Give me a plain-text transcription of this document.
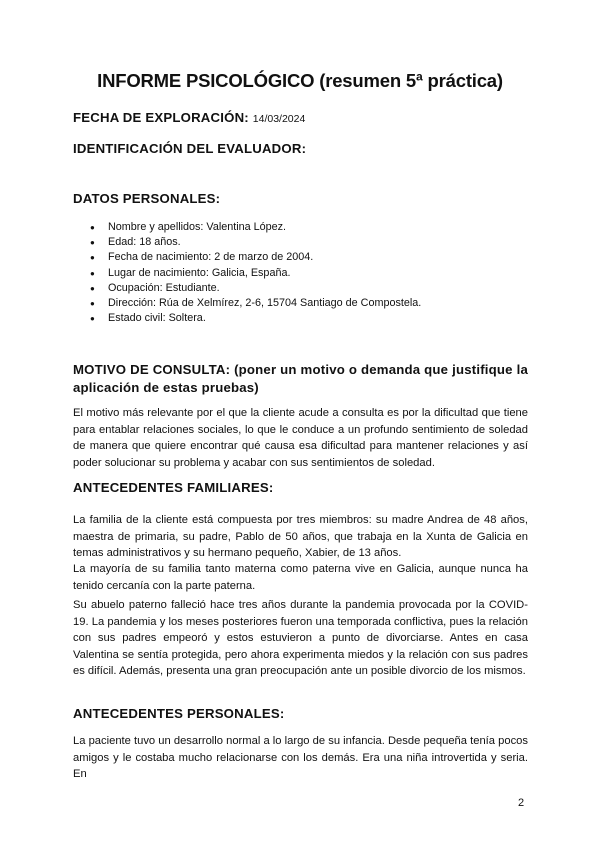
INFORME PSICOLÓGICO (resumen 5ª práctica)
FECHA DE EXPLORACIÓN: 14/03/2024
IDENTIFICACIÓN DEL EVALUADOR:
DATOS PERSONALES:
● Nombre y apellidos: Valentina López.
● Edad: 18 años.
● Fecha de nacimiento: 2 de marzo de 2004.
● Lugar de nacimiento: Galicia, España.
● Ocupación: Estudiante.
● Dirección: Rúa de Xelmírez, 2-6, 15704 Santiago de Compostela.
● Estado civil: Soltera.
MOTIVO DE CONSULTA: (poner un motivo o demanda que justifique la aplicación de estas pruebas)
El motivo más relevante por el que la cliente acude a consulta es por la dificultad que tiene para entablar relaciones sociales, lo que le conduce a un profundo sentimiento de soledad de manera que quiere encontrar qué causa esa dificultad para mantener relaciones y así poder solucionar su problema y acabar con sus sentimientos de soledad.
ANTECEDENTES FAMILIARES:
La familia de la cliente está compuesta por tres miembros: su madre Andrea de 48 años, maestra de primaria, su padre, Pablo de 50 años, que trabaja en la Xunta de Galicia en temas administrativos y su hermano pequeño, Xabier, de 13 años.
La mayoría de su familia tanto materna como paterna vive en Galicia, aunque nunca ha tenido cercanía con la parte paterna.
Su abuelo paterno falleció hace tres años durante la pandemia provocada por la COVID-19. La pandemia y los meses posteriores fueron una temporada conflictiva, pues la relación con sus padres empeoró y estos estuvieron a punto de divorciarse. Antes en casa Valentina se sentía protegida, pero ahora experimenta miedos y la relación con sus padres es difícil. Además, presenta una gran preocupación ante un posible divorcio de los mismos.
ANTECEDENTES PERSONALES:
La paciente tuvo un desarrollo normal a lo largo de su infancia. Desde pequeña tenía pocos amigos y le costaba mucho relacionarse con los demás. Era una niña introvertida y seria. En
2
